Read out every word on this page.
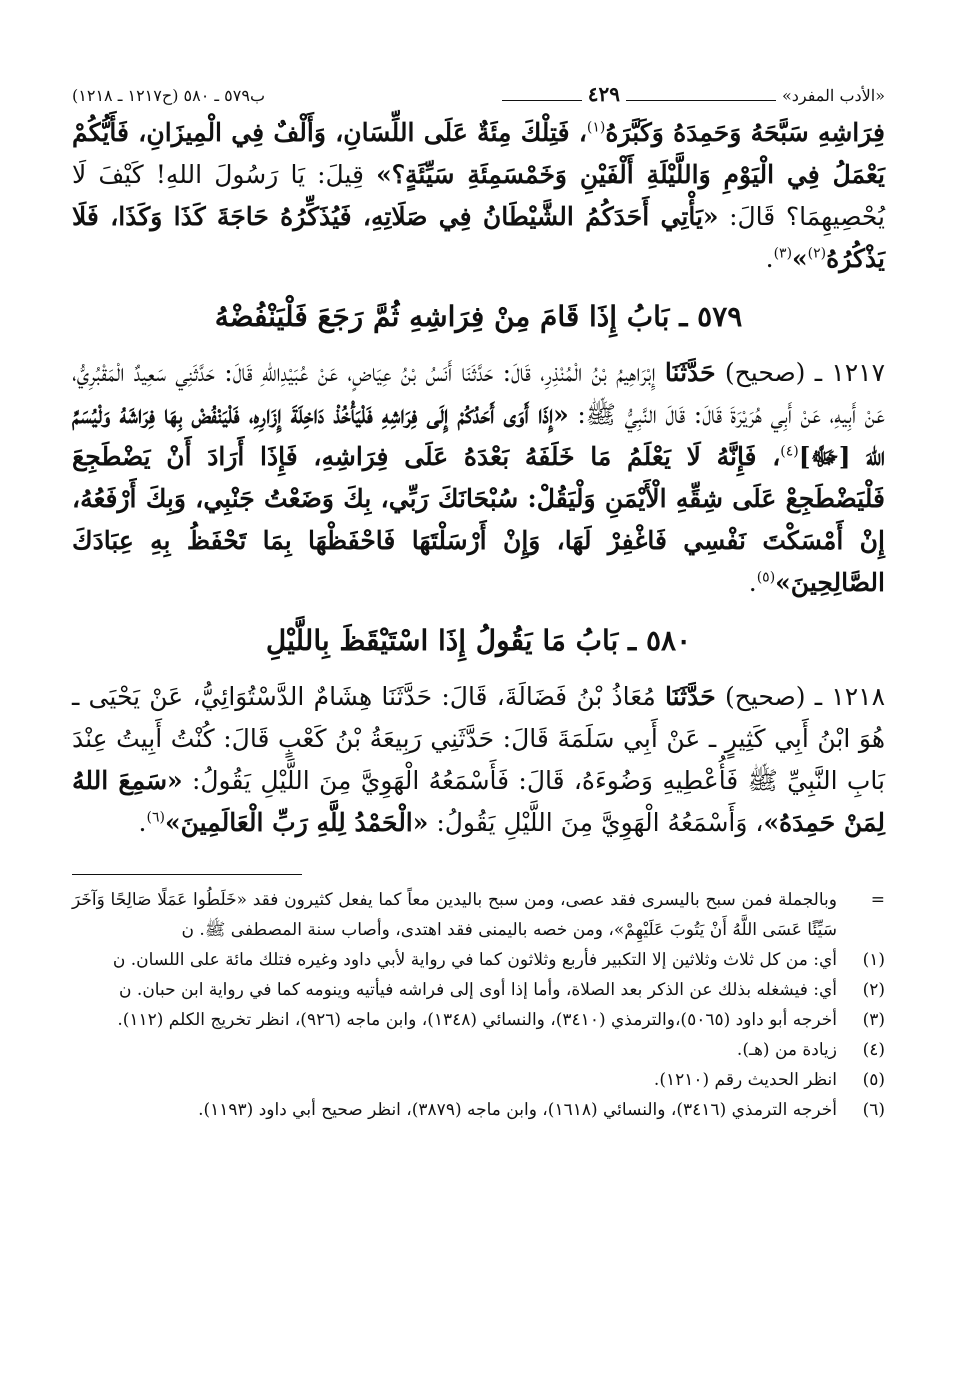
«الأدب المفرد»
٤٢٩
ب٥٧٩ ـ ٥٨٠ (ح١٢١٧ ـ ١٢١٨)

فِرَاشِهِ سَبَّحَهُ وَحَمِدَهُ وَكَبَّرَهُ$^{(١)}$، فَتِلْكَ مِئَةٌ عَلَى اللِّسَانِ، وَأَلْفٌ فِي الْمِيزَانِ، فَأَيُّكُمْ يَعْمَلُ فِي الْيَوْمِ وَاللَّيْلَةِ أَلْفَيْنِ وَخَمْسَمِئَةِ سَيِّئَةٍ؟» قِيلَ: يَا رَسُولَ اللهِ! كَيْفَ لَا يُحْصِيهِمَا؟ قَالَ: «يَأْتِي أَحَدَكُمُ الشَّيْطَانُ فِي صَلَاتِهِ، فَيُذَكِّرُهُ حَاجَةَ كَذَا وَكَذَا، فَلَا يَذْكُرُهُ$^{(٢)}$»$^{(٣)}$.

٥٧٩ ـ بَابُ إِذَا قَامَ مِنْ فِرَاشِهِ ثُمَّ رَجَعَ فَلْيَنْفُضْهُ

١٢١٧ ـ (صحيح) حَدَّثَنَا إِبْرَاهِيمُ بْنُ الْمُنْذِرِ، قَالَ: حَدَّثَنَا أَنَسُ بْنُ عِيَاضٍ، عَنْ عُبَيْدِاللهِ قَالَ: حَدَّثَنِي سَعِيدٌ الْمَقْبُرِيُّ، عَنْ أَبِيهِ، عَنْ أَبِي هُرَيْرَةَ قَالَ: قَالَ النَّبِيُّ ﷺ: «إِذَا أَوَى أَحَدُكُمْ إِلَى فِرَاشِهِ فَلْيَأْخُذْ دَاخِلَةَ إِزَارِهِ، فَلْيَنْفُضْ بِهَا فِرَاشَهُ وَلْيُسَمِّ اللهَ [ﷻ]$^{(٤)}$، فَإِنَّهُ لَا يَعْلَمُ مَا خَلَفَهُ بَعْدَهُ عَلَى فِرَاشِهِ، فَإِذَا أَرَادَ أَنْ يَضْطَجِعَ فَلْيَضْطَجِعْ عَلَى شِقِّهِ الْأَيْمَنِ وَلْيَقُلْ: سُبْحَانَكَ رَبِّي، بِكَ وَضَعْتُ جَنْبِي، وَبِكَ أَرْفَعُهُ، إِنْ أَمْسَكْتَ نَفْسِي فَاغْفِرْ لَهَا، وَإِنْ أَرْسَلْتَهَا فَاحْفَظْهَا بِمَا تَحْفَظُ بِهِ عِبَادَكَ الصَّالِحِينَ»$^{(٥)}$.

٥٨٠ ـ بَابُ مَا يَقُولُ إِذَا اسْتَيْقَظَ بِاللَّيْلِ

١٢١٨ ـ (صحيح) حَدَّثَنَا مُعَاذُ بْنُ فَضَالَةَ، قَالَ: حَدَّثَنَا هِشَامٌ الدَّسْتُوَائِيُّ، عَنْ يَحْيَى ـ هُوَ ابْنُ أَبِي كَثِيرٍ ـ عَنْ أَبِي سَلَمَةَ قَالَ: حَدَّثَنِي رَبِيعَةُ بْنُ كَعْبٍ قَالَ: كُنْتُ أَبِيتُ عِنْدَ بَابِ النَّبِيِّ ﷺ فَأُعْطِيهِ وَضُوءَهُ، قَالَ: فَأَسْمَعُهُ الْهَوِيَّ مِنَ اللَّيْلِ يَقُولُ: «سَمِعَ اللهُ لِمَنْ حَمِدَهُ»، وَأَسْمَعُهُ الْهَوِيَّ مِنَ اللَّيْلِ يَقُولُ: «الْحَمْدُ لِلَّهِ رَبِّ الْعَالَمِينَ»$^{(٦)}$.

=
وبالجملة فمن سبح باليسرى فقد عصى، ومن سبح باليدين معاً كما يفعل كثيرون فقد «خَلَطُوا عَمَلًا صَالِحًا وَآخَرَ سَيِّئًا عَسَى اللَّهُ أَنْ يَتُوبَ عَلَيْهِمْ»، ومن خصه باليمنى فقد اهتدى، وأصاب سنة المصطفى ﷺ. ن
(١)
أي: من كل ثلاث وثلاثين إلا التكبير فأربع وثلاثون كما في رواية لأبي داود وغيره فتلك مائة على اللسان. ن
(٢)
أي: فيشغله بذلك عن الذكر بعد الصلاة، وأما إذا أوى إلى فراشه فيأتيه وينومه كما في رواية ابن حبان. ن
(٣)
أخرجه أبو داود (٥٠٦٥)،والترمذي (٣٤١٠)، والنسائي (١٣٤٨)، وابن ماجه (٩٢٦)، انظر تخريج الكلم (١١٢).
(٤)
زيادة من (هـ).
(٥)
انظر الحديث رقم (١٢١٠).
(٦)
أخرجه الترمذي (٣٤١٦)، والنسائي (١٦١٨)، وابن ماجه (٣٨٧٩)، انظر صحيح أبي داود (١١٩٣).
